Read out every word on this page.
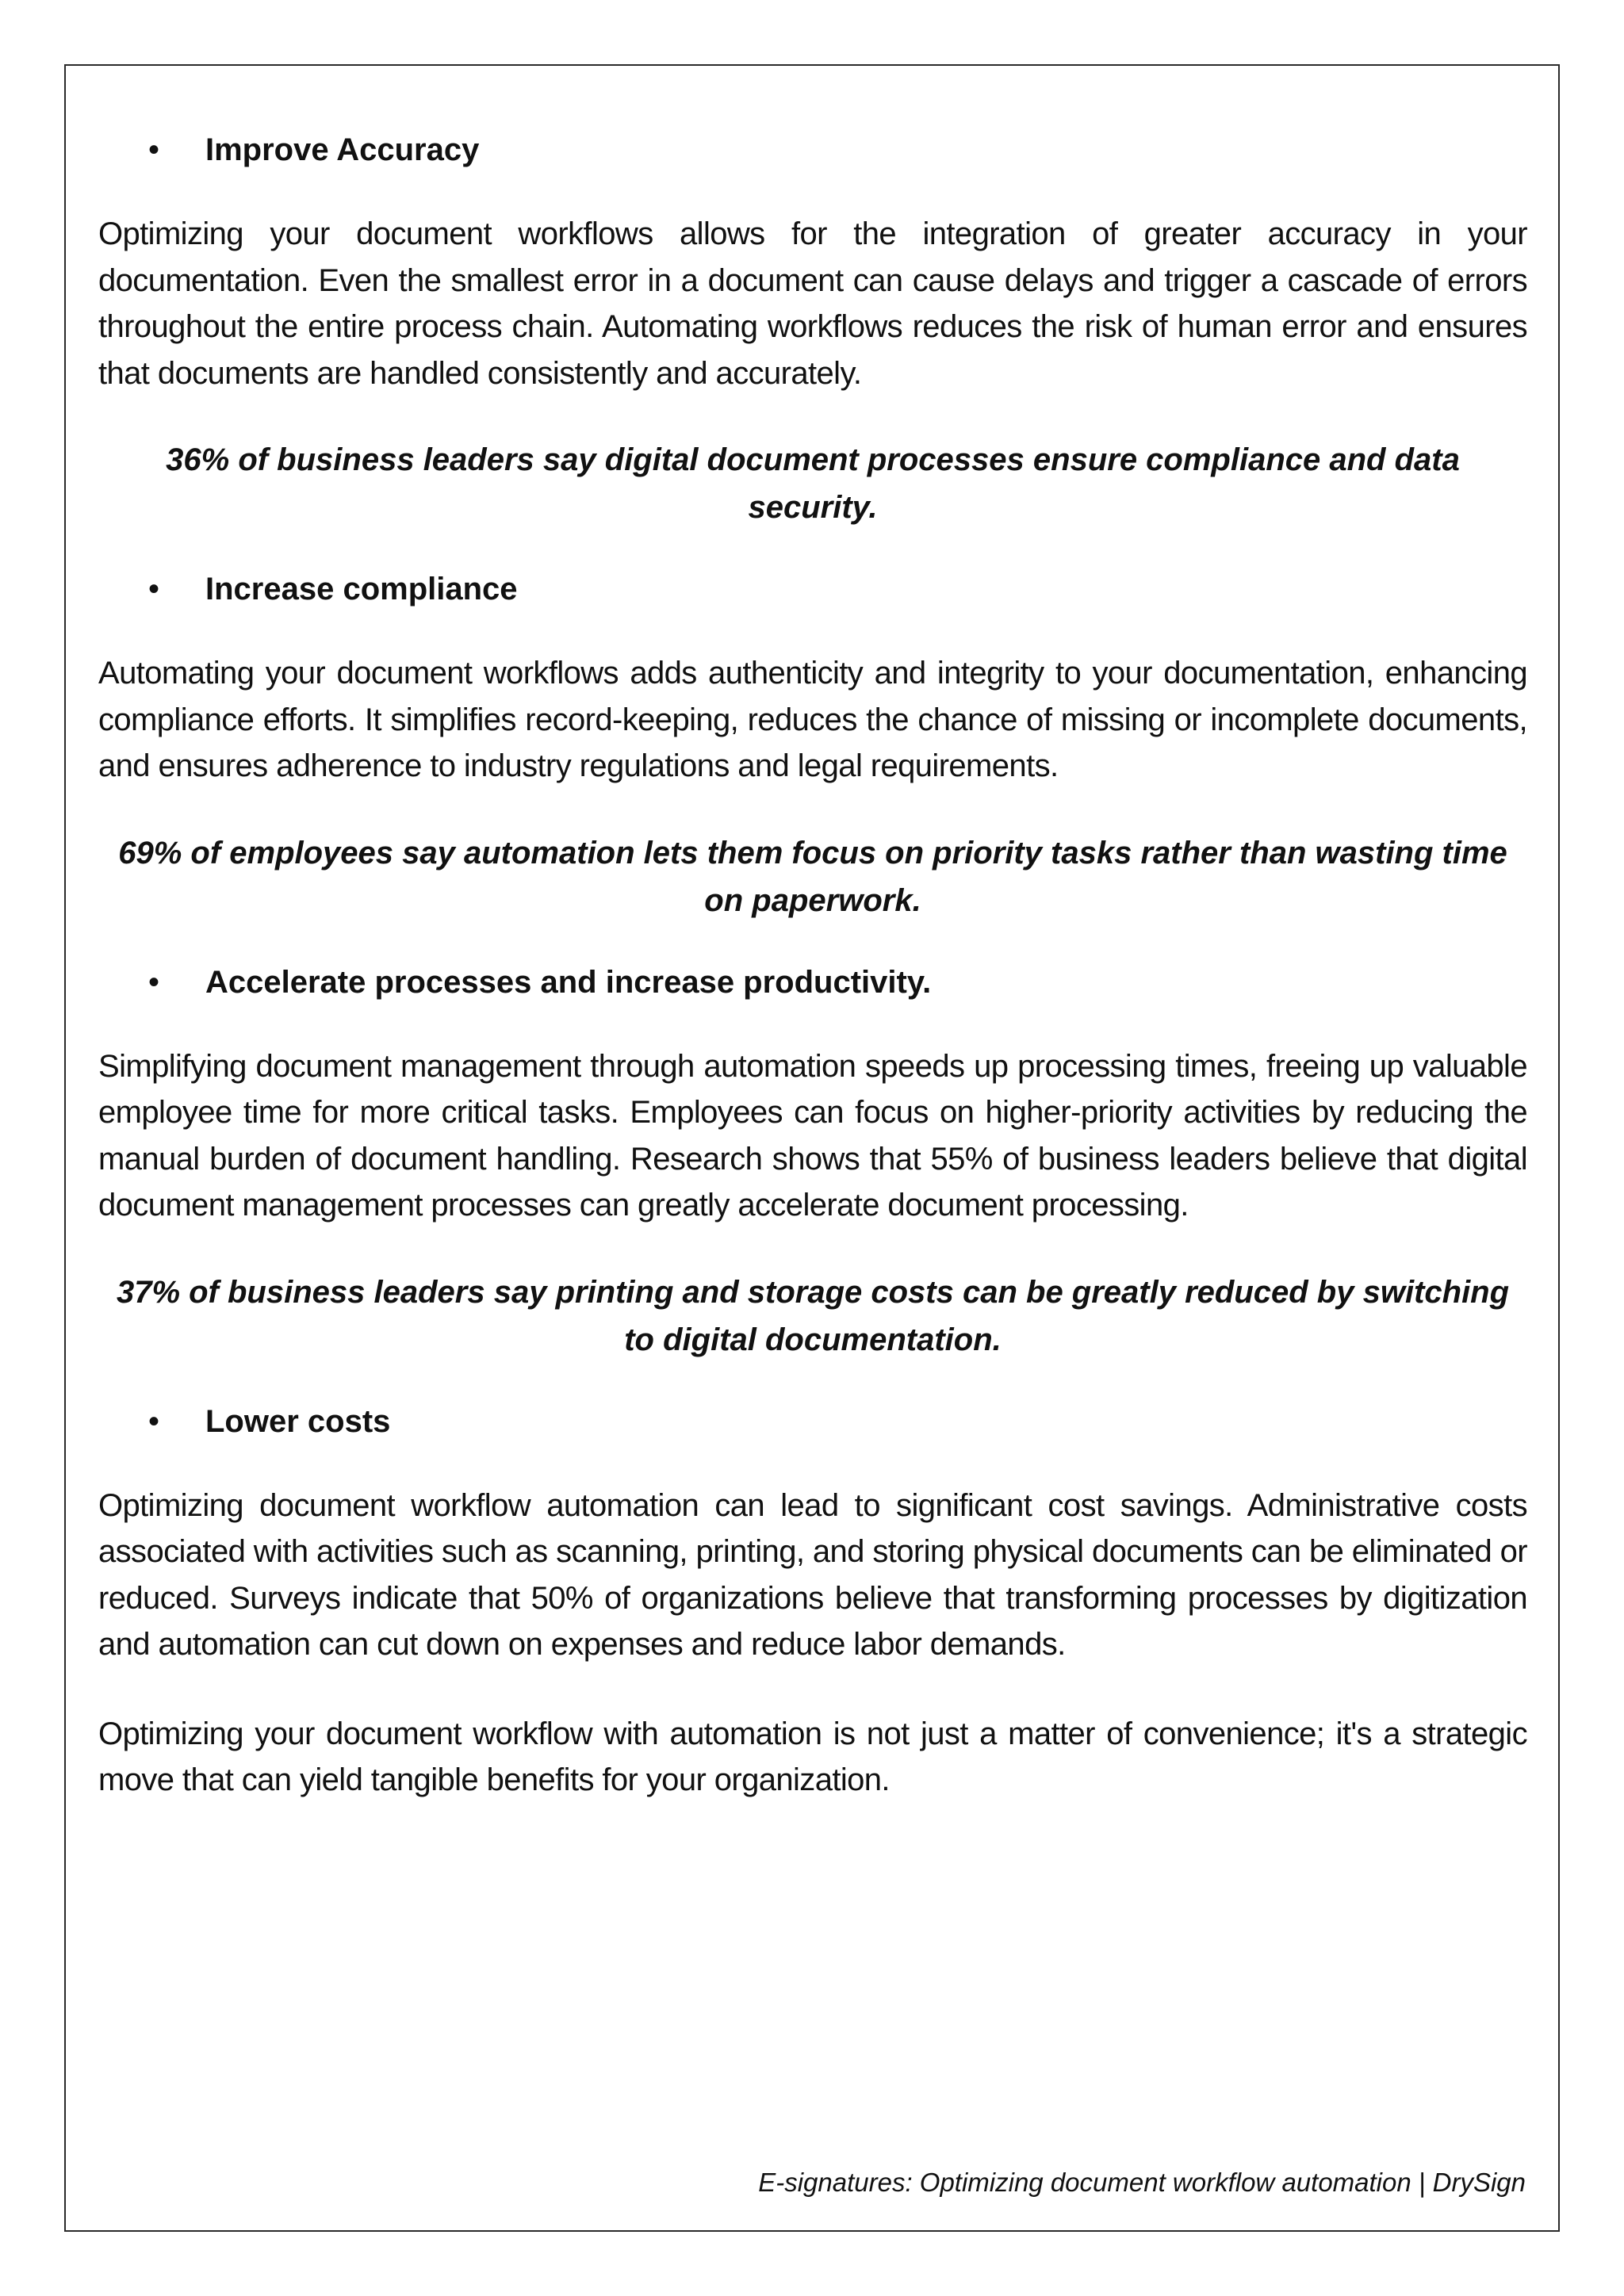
• Improve Accuracy

Optimizing your document workflows allows for the integration of greater accuracy in your documentation. Even the smallest error in a document can cause delays and trigger a cascade of errors throughout the entire process chain. Automating workflows reduces the risk of human error and ensures that documents are handled consistently and accurately.

36% of business leaders say digital document processes ensure compliance and data security.

• Increase compliance

Automating your document workflows adds authenticity and integrity to your documentation, enhancing compliance efforts. It simplifies record-keeping, reduces the chance of missing or incomplete documents, and ensures adherence to industry regulations and legal requirements.

69% of employees say automation lets them focus on priority tasks rather than wasting time on paperwork.

• Accelerate processes and increase productivity.

Simplifying document management through automation speeds up processing times, freeing up valuable employee time for more critical tasks. Employees can focus on higher-priority activities by reducing the manual burden of document handling. Research shows that 55% of business leaders believe that digital document management processes can greatly accelerate document processing.

37% of business leaders say printing and storage costs can be greatly reduced by switching to digital documentation.

• Lower costs

Optimizing document workflow automation can lead to significant cost savings. Administrative costs associated with activities such as scanning, printing, and storing physical documents can be eliminated or reduced. Surveys indicate that 50% of organizations believe that transforming processes by digitization and automation can cut down on expenses and reduce labor demands.

Optimizing your document workflow with automation is not just a matter of convenience; it's a strategic move that can yield tangible benefits for your organization.

E-signatures: Optimizing document workflow automation | DrySign
